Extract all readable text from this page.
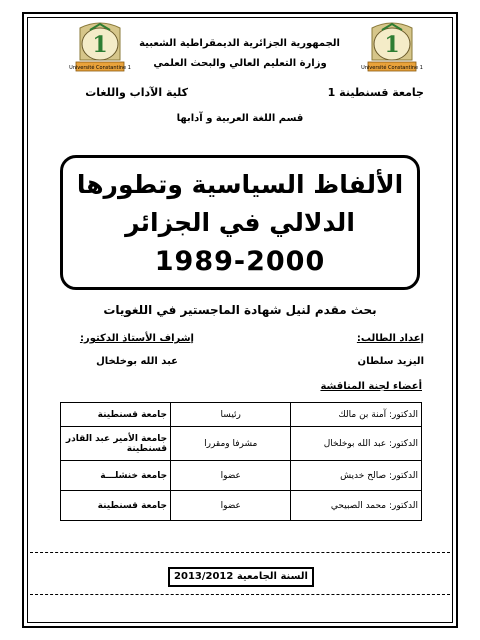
1
Université Constantine 1
1
Université Constantine 1
الجمهورية الجزائرية الديمقراطية الشعبية
وزارة التعليم العالي والبحث العلمي
جامعة قسنطينة 1
كلية الآداب واللغات
قسم اللغة العربية و آدابها
الألفاظ السياسية وتطورها
الدلالي في الجزائر
1989-2000
بحث مقدم لنيل شهادة الماجستير في اللغويات
إعداد الطالب:
إشراف الأستاذ الدكتور:
اليزيد سلطان
عبد الله بوخلخال
أعضاء لجنة المناقشة
الدكتور: آمنة بن مالك	رئيسا	جامعة قسنطينة
الدكتور: عبد الله بوخلخال	مشرفا ومقررا	جامعة الأمير عبد القادر قسنطينة
الدكتور: صالح خديش	عضوا	جامعة خنشلـــة
الدكتور: محمد الصبيحي	عضوا	جامعة قسنطينة
السنة الجامعية 2013/2012
